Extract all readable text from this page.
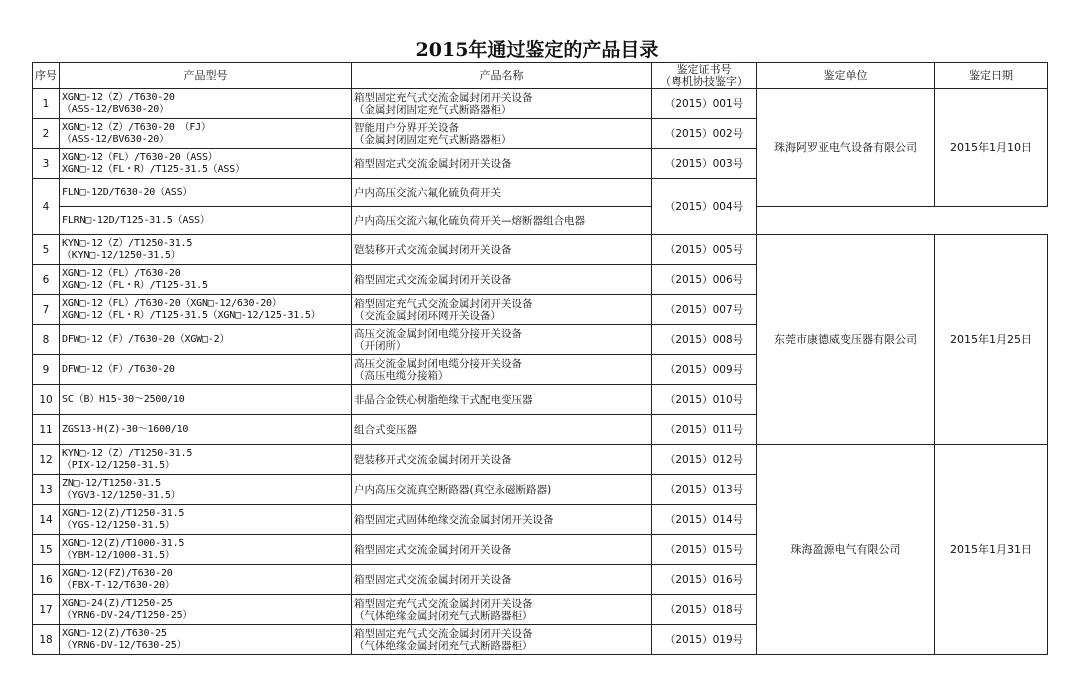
2015年通过鉴定的产品目录
序号	产品型号	产品名称	鉴定证书号
（粤机协技鉴字）	鉴定单位	鉴定日期
1	XGN□-12（Z）/T630-20
（ASS-12/BV630-20）	箱型固定充气式交流金属封闭开关设备
（金属封闭固定充气式断路器柜）	（2015）001号	珠海阿罗亚电气设备有限公司	2015年1月10日
2	XGN□-12（Z）/T630-20　（FJ）
（ASS-12/BV630-20）	智能用户分界开关设备
（金属封闭固定充气式断路器柜）	（2015）002号		
3	XGN□-12（FL）/T630-20（ASS）
XGN□-12（FL・R）/T125-31.5（ASS）	箱型固定式交流金属封闭开关设备	（2015）003号		
4	FLN□-12D/T630-20（ASS）	户内高压交流六氟化硫负荷开关	（2015）004号		

	FLRN□-12D/T125-31.5（ASS）	户内高压交流六氟化硫负荷开关—熔断器组合电器			

5	KYN□-12（Z）/T1250-31.5
（KYN□-12/1250-31.5）	铠装移开式交流金属封闭开关设备	（2015）005号	东莞市康德威变压器有限公司	2015年1月25日
6	XGN□-12（FL）/T630-20
XGN□-12（FL・R）/T125-31.5	箱型固定式交流金属封闭开关设备	（2015）006号		
7	XGN□-12（FL）/T630-20（XGN□-12/630-20）
XGN□-12（FL・R）/T125-31.5（XGN□-12/125-31.5）	箱型固定充气式交流金属封闭开关设备
（交流金属封闭环网开关设备）	（2015）007号		
8	DFW□-12（F）/T630-20（XGW□-2）	高压交流金属封闭电缆分接开关设备
（开闭所）	（2015）008号		
9	DFW□-12（F）/T630-20	高压交流金属封闭电缆分接开关设备
（高压电缆分接箱）	（2015）009号		
10	SC（B）H15-30～2500/10	非晶合金铁心树脂绝缘干式配电变压器	（2015）010号		
11	ZGS13-H(Z)-30～1600/10	组合式变压器	（2015）011号		
12	KYN□-12（Z）/T1250-31.5
（PIX-12/1250-31.5）	铠装移开式交流金属封闭开关设备	（2015）012号	珠海盈源电气有限公司	2015年1月31日
13	ZN□-12/T1250-31.5
（YGV3-12/1250-31.5）	户内高压交流真空断路器(真空永磁断路器)	（2015）013号		
14	XGN□-12(Z)/T1250-31.5
（YGS-12/1250-31.5）	箱型固定式固体绝缘交流金属封闭开关设备	（2015）014号		
15	XGN□-12(Z)/T1000-31.5
（YBM-12/1000-31.5）	箱型固定式交流金属封闭开关设备	（2015）015号		
16	XGN□-12(FZ)/T630-20
（FBX-T-12/T630-20）	箱型固定式交流金属封闭开关设备	（2015）016号		
17	XGN□-24(Z)/T1250-25
（YRN6-DV-24/T1250-25）	箱型固定充气式交流金属封闭开关设备
（气体绝缘金属封闭充气式断路器柜）	（2015）018号		
18	XGN□-12(Z)/T630-25
（YRN6-DV-12/T630-25）	箱型固定充气式交流金属封闭开关设备
（气体绝缘金属封闭充气式断路器柜）	（2015）019号		
